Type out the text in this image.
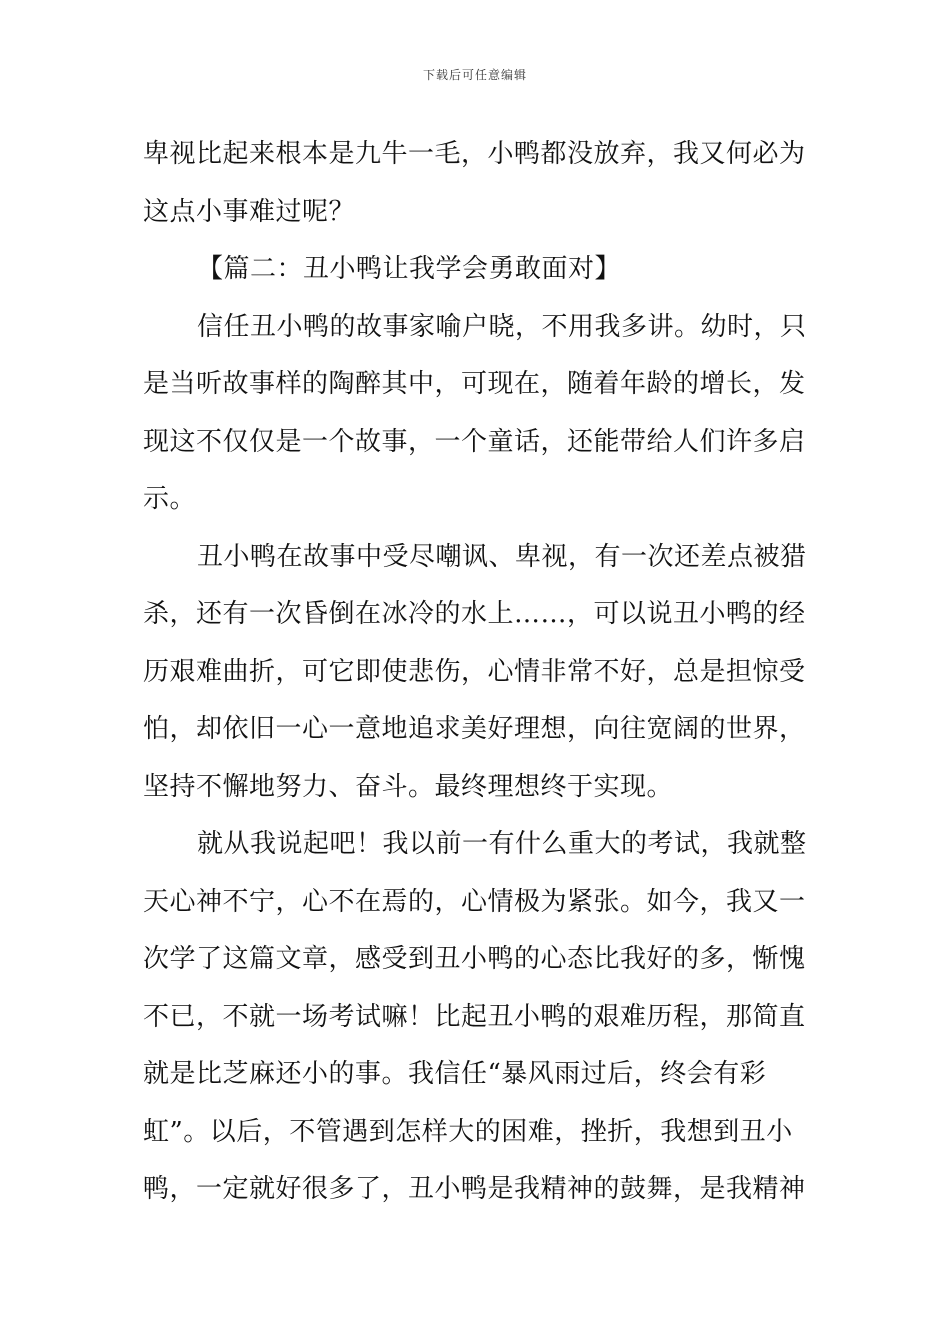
下载后可任意编辑
卑视比起来根本是九牛一毛，小鸭都没放弃，我又何必为
这点小事难过呢？
【篇二：丑小鸭让我学会勇敢面对】
信任丑小鸭的故事家喻户晓，不用我多讲。幼时，只
是当听故事样的陶醉其中，可现在，随着年龄的增长，发
现这不仅仅是一个故事，一个童话，还能带给人们许多启
示。
丑小鸭在故事中受尽嘲讽、卑视，有一次还差点被猎
杀，还有一次昏倒在冰冷的水上……，可以说丑小鸭的经
历艰难曲折，可它即使悲伤，心情非常不好，总是担惊受
怕，却依旧一心一意地追求美好理想，向往宽阔的世界，
坚持不懈地努力、奋斗。最终理想终于实现。
就从我说起吧！我以前一有什么重大的考试，我就整
天心神不宁，心不在焉的，心情极为紧张。如今，我又一
次学了这篇文章，感受到丑小鸭的心态比我好的多，惭愧
不已，不就一场考试嘛！比起丑小鸭的艰难历程，那简直
就是比芝麻还小的事。我信任“暴风雨过后，终会有彩
虹”。以后，不管遇到怎样大的困难，挫折，我想到丑小
鸭，一定就好很多了，丑小鸭是我精神的鼓舞，是我精神
